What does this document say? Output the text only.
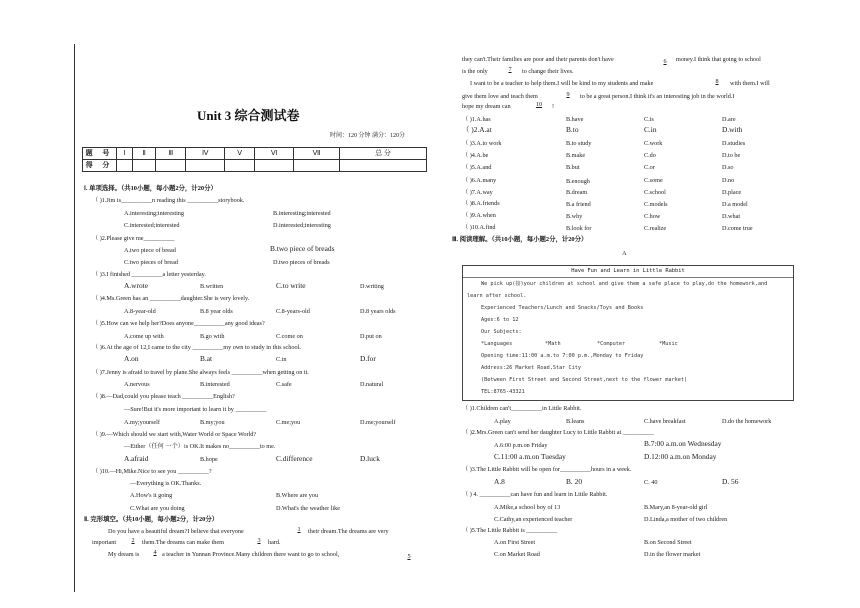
Unit 3 综合测试卷
时间：120 分钟 满分：120分
题 号	Ⅰ	Ⅱ	Ⅲ	Ⅳ	Ⅴ	Ⅵ	Ⅶ	总 分
得 分								
Ⅰ. 单项选择。（共10小题，每小题2分，计20分）
（ )1.Jim is__________n reading this __________storybook.
A.interesting;interesting	B.interesting;interested
C.interested;interested	D.interested;interesting
（ )2.Please give me__________
A.two piece of bread	B.two piece of breads
C.two pieces of bread	D.two pieces of breads
（ )3.I finished __________a letter yesterday.
A.wrote	B.written	C.to write	D.writing
（ )4.Ms.Green has an __________daughter.She is very lovely.
A.8-year-old	B.8 year olds	C.8-years-old	D.8 years olds
（ )5.How can we help her?Does anyone__________any good ideas?
A.come up with	B.go with	C.come on	D.put on
（ )6.At the age of 12,I came to the city __________my own to study in this school.
A.on	B.at	C.in	D.for
（ )7.Jenny is afraid to travel by plane.She always feels __________when getting on it.
A.nervous	B.interested	C.safe	D.natural
（ )8.—Dad,could you please teach __________English?
—Sure!But it's more important to learn it by __________
A.my;yourself	B.my;you	C.me;you	D.me;yourself
（ )9.—Which should we start with,Water World or Space World?
—Either（任何 一个）is OK.It makes no__________to me.
A.afraid	B.hope	C.difference	D.luck
（ )10.—Hi,Mike.Nice to see you __________?
—Everything is OK.Thanks.
A.How's it going	B.Where are you
C.What are you doing	D.What's the weather like
Ⅱ. 完形填空。（共10小题，每小题2分，计20分）
Do you have a beautiful dream?I believe that everyone	1	their dream.The dreams are very
important	2	them.The dreams can make them	3	hard.
My dream is	4 a teacher in Yunnan Province.Many children there want to go to school,	5
they can't.Their families are poor and their parents don't have	6	money.I think that going to school
is the only	7	to change their lives.
I want to be a teacher to help them.I will be kind to my students and make	8	with them.I will
give them love and teach them	9	to be a great person.I think it's an interesting job in the world.I
hope my dream can	10	!
（ )1.A.has	B.have	C.is	D.are
（ )2.A.at	B.to	C.in	D.with
（ )3.A.to work	B.to study	C.work	D.studies
（ )4.A.be	B.make	C.do	D.to be
（ )5.A.and	B.but	C.or	D.so
（ )6.A.many	B.enough	C.some	D.no
（ )7.A.way	B.dream	C.school	D.place
（ )8.A.friends	B.a friend	C.models	D.a model
（ )9.A.when	B.why	C.how	D.what
（ )10.A.find	B.look for	C.realize	D.come true
Ⅲ. 阅读理解。（共10小题，每小题2分，计20分）
A
Have Fun and Learn in Little Rabbit
We pick up(接)your children at school and give them a safe place to play,do the homework,and
learn after school.
Experienced Teachers/Lunch and Snacks/Toys and Books
Ages:6 to 12
Our Subjects:
*Languages	*Math	*Computer	*Music
Opening time:11:00 a.m.to 7:00 p.m.,Monday to Friday
Address:26 Market Road,Star City
(Between First Street and Second Street,next to the flower market)
TEL:8765-43321
（ )1.Children can't__________in Little Rabbit.
A.play	B.leans	C.have breakfast	D.do the homework
（ )2.Mrs.Green can't send her daughter Lucy to Little Rabbit at __________
A.6:00 p.m.on Friday	B.7:00 a.m.on Wednesday
C.11:00 a.m.on Tuesday	D.12:00 a.m.on Monday
（ )3.The Little Rabbit will be open for__________hours in a week.
A.8	B. 20	C. 40	D. 56
（ ) 4. __________can have fun and learn in Little Rabbit.
A.Mike,a school boy of 13	B.Mary,an 8-year-old girl
C.Cathy,an experienced teacher	D.Linda,a mother of two children
（ )5.The Little Rabbit is __________
A.on First Street	B.on Second Street
C.on Market Road	D.in the flower market
